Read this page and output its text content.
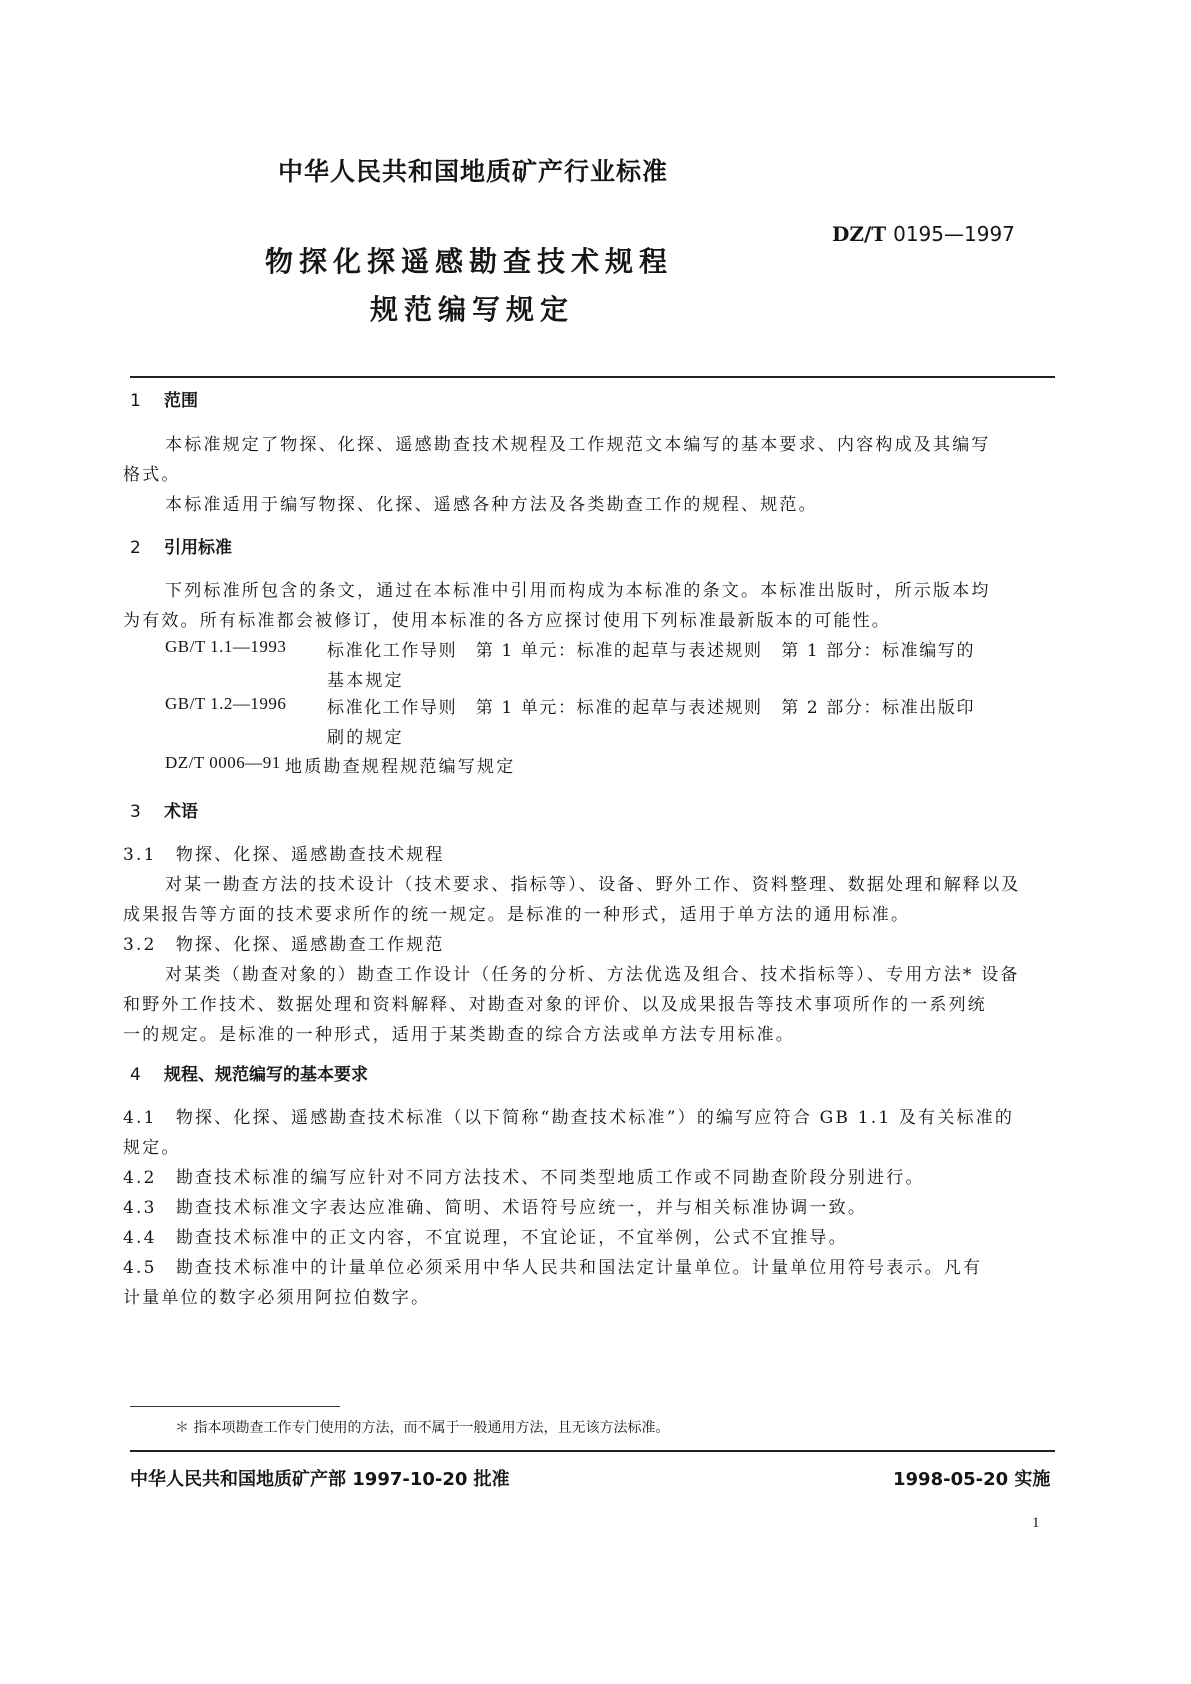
中华人民共和国地质矿产行业标准
DZ/T 0195—1997
物探化探遥感勘查技术规程
规范编写规定
1 范围
本标准规定了物探、化探、遥感勘查技术规程及工作规范文本编写的基本要求、内容构成及其编写
格式。
本标准适用于编写物探、化探、遥感各种方法及各类勘查工作的规程、规范。
2 引用标准
下列标准所包含的条文，通过在本标准中引用而构成为本标准的条文。本标准出版时，所示版本均
为有效。所有标准都会被修订，使用本标准的各方应探讨使用下列标准最新版本的可能性。
GB/T 1.1—1993 标准化工作导则　第 1 单元：标准的起草与表述规则　第 1 部分：标准编写的
基本规定
GB/T 1.2—1996 标准化工作导则　第 1 单元：标准的起草与表述规则　第 2 部分：标准出版印
刷的规定
DZ/T 0006—91 地质勘查规程规范编写规定
3 术语
3.1　物探、化探、遥感勘查技术规程
对某一勘查方法的技术设计（技术要求、指标等）、设备、野外工作、资料整理、数据处理和解释以及
成果报告等方面的技术要求所作的统一规定。是标准的一种形式，适用于单方法的通用标准。
3.2　物探、化探、遥感勘查工作规范
对某类（勘查对象的）勘查工作设计（任务的分析、方法优选及组合、技术指标等）、专用方法* 设备
和野外工作技术、数据处理和资料解释、对勘查对象的评价、以及成果报告等技术事项所作的一系列统
一的规定。是标准的一种形式，适用于某类勘查的综合方法或单方法专用标准。
4 规程、规范编写的基本要求
4.1　物探、化探、遥感勘查技术标准（以下简称“勘查技术标准”）的编写应符合 GB 1.1 及有关标准的
规定。
4.2　勘查技术标准的编写应针对不同方法技术、不同类型地质工作或不同勘查阶段分别进行。
4.3　勘查技术标准文字表达应准确、简明、术语符号应统一，并与相关标准协调一致。
4.4　勘查技术标准中的正文内容，不宜说理，不宜论证，不宜举例，公式不宜推导。
4.5　勘查技术标准中的计量单位必须采用中华人民共和国法定计量单位。计量单位用符号表示。凡有
计量单位的数字必须用阿拉伯数字。
＊ 指本项勘查工作专门使用的方法，而不属于一般通用方法，且无该方法标准。
中华人民共和国地质矿产部 1997-10-20 批准	1998-05-20 实施
1
